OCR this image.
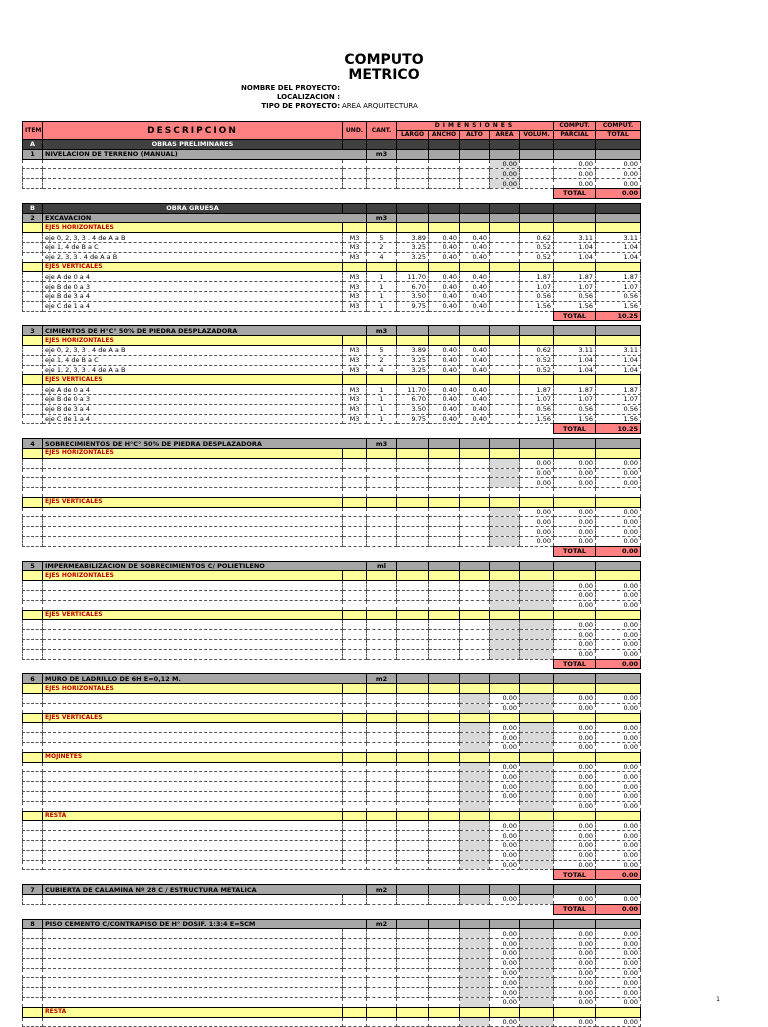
COMPUTO
METRICO
NOMBRE DEL PROYECTO:
LOCALIZACION :
TIPO DE PROYECTO: AREA ARQUITECTURA
ITEM	DESCRIPCION	UND.	CANT.	DIMENSIONES					COMPUT.	COMPUT.
				LARGO	ANCHO	ALTO	AREA	VOLUM.	PARCIAL	TOTAL
A	OBRAS PRELIMINARES									
1	NIVELACION DE TERRENO (MANUAL)		m3							
							0.00		0.00	0.00
							0.00		0.00	0.00
							0.00		0.00	0.00
									TOTAL	0.00

B	OBRA GRUESA									
2	EXCAVACION		m3							
	EJES HORIZONTALES									
	eje 0, 2, 3, 3 . 4 de A a B	M3	5	3.89	0.40	0.40		0.62	3.11	3.11
	eje 1, 4 de B a C	M3	2	3.25	0.40	0.40		0.52	1.04	1.04
	eje 2, 3, 3 . 4 de A a B	M3	4	3.25	0.40	0.40		0.52	1.04	1.04
	EJES VERTICALES									
	eje A de 0 a 4	M3	1	11.70	0.40	0.40		1.87	1.87	1.87
	eje B de 0 a 3	M3	1	6.70	0.40	0.40		1.07	1.07	1.07
	eje B de 3 a 4	M3	1	3.50	0.40	0.40		0.56	0.56	0.56
	eje C de 1 a 4	M3	1	9.75	0.40	0.40		1.56	1.56	1.56
									TOTAL	10.25

3	CIMIENTOS DE H°C° 50% DE PIEDRA DESPLAZADORA		m3							
	EJES HORIZONTALES									
	eje 0, 2, 3, 3 . 4 de A a B	M3	5	3.89	0.40	0.40		0.62	3.11	3.11
	eje 1, 4 de B a C	M3	2	3.25	0.40	0.40		0.52	1.04	1.04
	eje 1, 2, 3, 3 . 4 de A a B	M3	4	3.25	0.40	0.40		0.52	1.04	1.04
	EJES VERTICALES									
	eje A de 0 a 4	M3	1	11.70	0.40	0.40		1.87	1.87	1.87
	eje B de 0 a 3	M3	1	6.70	0.40	0.40		1.07	1.07	1.07
	eje B de 3 a 4	M3	1	3.50	0.40	0.40		0.56	0.56	0.56
	eje C de 1 a 4	M3	1	9.75	0.40	0.40		1.56	1.56	1.56
									TOTAL	10.25

4	SOBRECIMIENTOS DE H°C° 50% DE PIEDRA DESPLAZADORA		m3							
	EJES HORIZONTALES									
								0.00	0.00	0.00
								0.00	0.00	0.00
								0.00	0.00	0.00

	EJES VERTICALES									
								0.00	0.00	0.00
								0.00	0.00	0.00
								0.00	0.00	0.00
								0.00	0.00	0.00
									TOTAL	0.00

5	IMPERMEABILIZACION DE SOBRECIMIENTOS C/ POLIETILENO		ml							
	EJES HORIZONTALES									
									0.00	0.00
									0.00	0.00
									0.00	0.00
	EJES VERTICALES									
									0.00	0.00
									0.00	0.00
									0.00	0.00
									0.00	0.00
									TOTAL	0.00

6	MURO DE LADRILLO DE 6H E=0,12 M.		m2							
	EJES HORIZONTALES									
							0.00		0.00	0.00
							0.00		0.00	0.00
	EJES VERTICALES									
							0.00		0.00	0.00
							0.00		0.00	0.00
							0.00		0.00	0.00
	MOJINETES									
							0.00		0.00	0.00
							0.00		0.00	0.00
							0.00		0.00	0.00
							0.00		0.00	0.00
									0.00	0.00
	RESTA									
							0.00		0.00	0.00
							0.00		0.00	0.00
							0.00		0.00	0.00
							0.00		0.00	0.00
							0.00		0.00	0.00
									TOTAL	0.00

7	CUBIERTA DE CALAMINA Nº 28 C / ESTRUCTURA METALICA		m2							
							0.00		0.00	0.00
									TOTAL	0.00

8	PISO CEMENTO C/CONTRAPISO DE H° DOSIF. 1:3:4 E=5CM		m2							
							0.00		0.00	0.00
							0.00		0.00	0.00
							0.00		0.00	0.00
							0.00		0.00	0.00
							0.00		0.00	0.00
							0.00		0.00	0.00
							0.00		0.00	0.00
							0.00		0.00	0.00
	RESTA									
							0.00		0.00	0.00
1
